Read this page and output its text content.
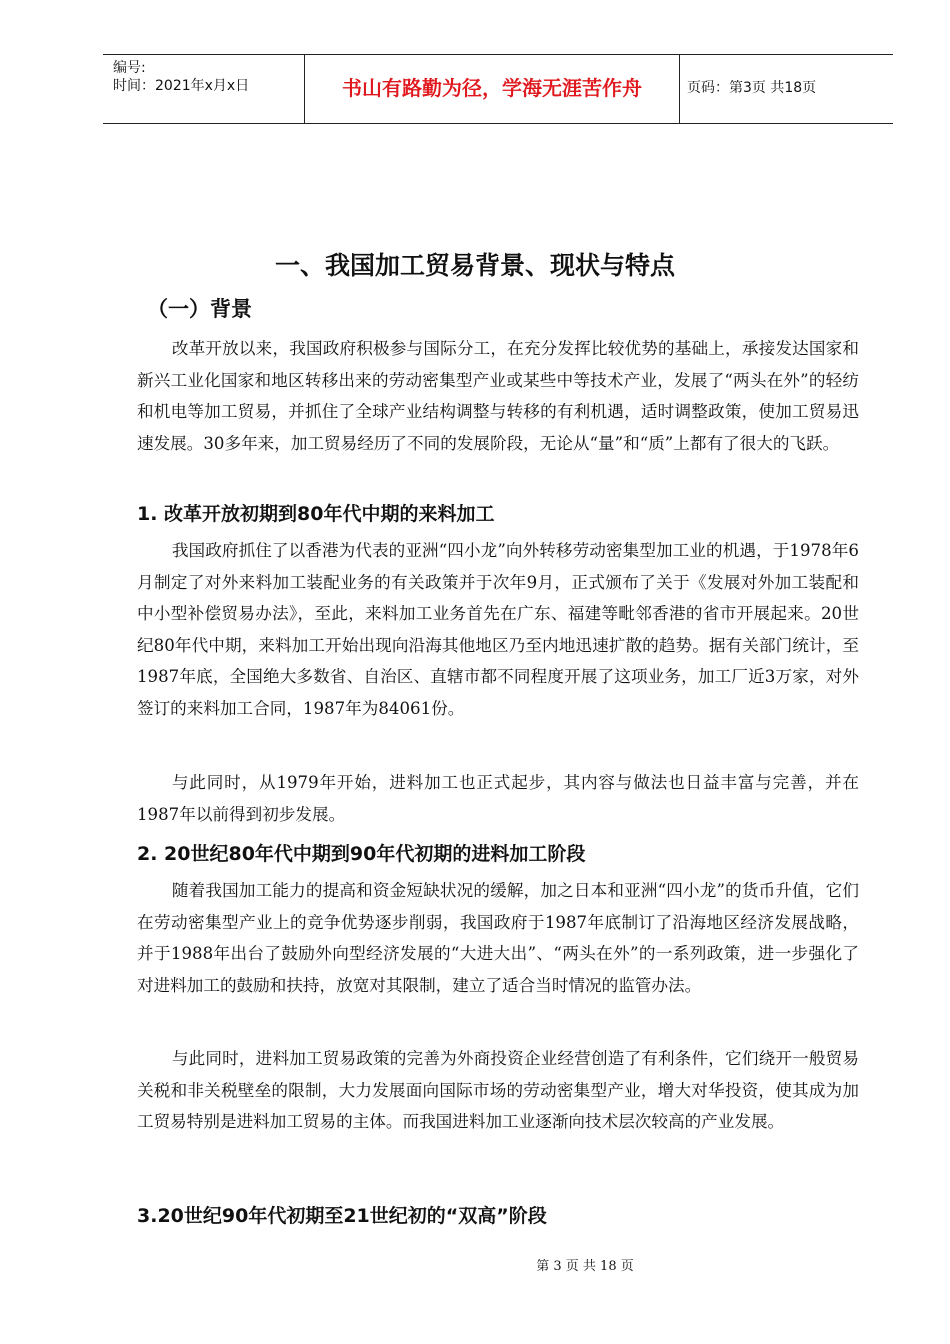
编号:
时间：2021年x月x日	书山有路勤为径，学海无涯苦作舟	页码：第3页 共18页
一、我国加工贸易背景、现状与特点
（一）背景

改革开放以来，我国政府积极参与国际分工，在充分发挥比较优势的基础上，承接发达国家和新兴工业化国家和地区转移出来的劳动密集型产业或某些中等技术产业，发展了“两头在外”的轻纺和机电等加工贸易，并抓住了全球产业结构调整与转移的有利机遇，适时调整政策，使加工贸易迅速发展。30多年来，加工贸易经历了不同的发展阶段，无论从“量”和“质”上都有了很大的飞跃。

1. 改革开放初期到80年代中期的来料加工

我国政府抓住了以香港为代表的亚洲“四小龙”向外转移劳动密集型加工业的机遇，于1978年6月制定了对外来料加工装配业务的有关政策并于次年9月，正式颁布了关于《发展对外加工装配和中小型补偿贸易办法》，至此，来料加工业务首先在广东、福建等毗邻香港的省市开展起来。20世纪80年代中期，来料加工开始出现向沿海其他地区乃至内地迅速扩散的趋势。据有关部门统计，至1987年底，全国绝大多数省、自治区、直辖市都不同程度开展了这项业务，加工厂近3万家，对外签订的来料加工合同，1987年为84061份。

与此同时，从1979年开始，进料加工也正式起步，其内容与做法也日益丰富与完善，并在1987年以前得到初步发展。

2. 20世纪80年代中期到90年代初期的进料加工阶段

随着我国加工能力的提高和资金短缺状况的缓解，加之日本和亚洲“四小龙”的货币升值，它们在劳动密集型产业上的竞争优势逐步削弱，我国政府于1987年底制订了沿海地区经济发展战略，并于1988年出台了鼓励外向型经济发展的“大进大出”、“两头在外”的一系列政策，进一步强化了对进料加工的鼓励和扶持，放宽对其限制，建立了适合当时情况的监管办法。

与此同时，进料加工贸易政策的完善为外商投资企业经营创造了有利条件，它们绕开一般贸易关税和非关税壁垒的限制，大力发展面向国际市场的劳动密集型产业，增大对华投资，使其成为加工贸易特别是进料加工贸易的主体。而我国进料加工业逐渐向技术层次较高的产业发展。

3.20世纪90年代初期至21世纪初的“双高”阶段

第 3 页 共 18 页
